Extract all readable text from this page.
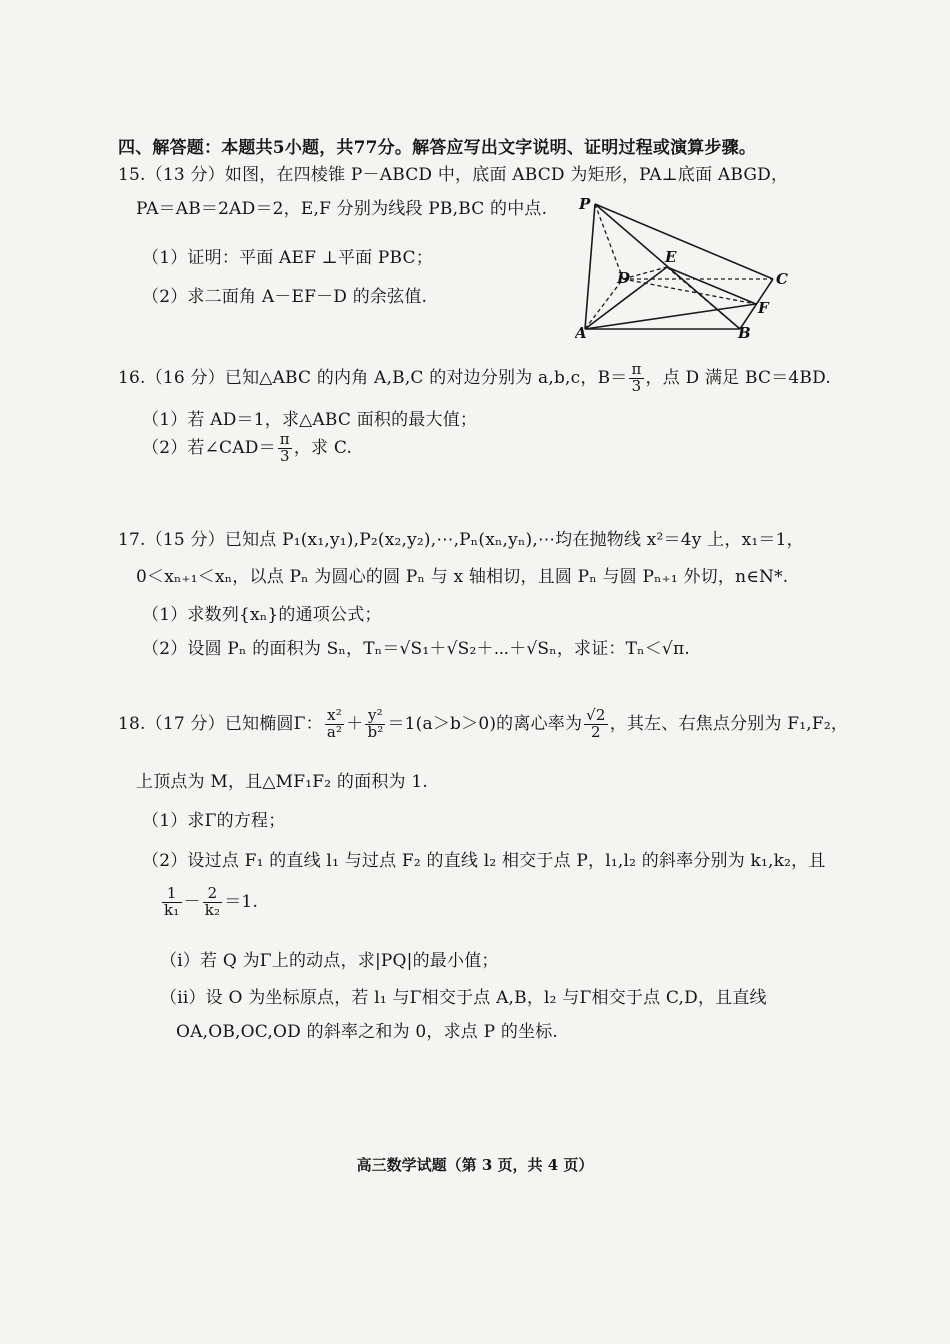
四、解答题：本题共5小题，共77分。解答应写出文字说明、证明过程或演算步骤。
15.（13 分）如图，在四棱锥 P－ABCD 中，底面 ABCD 为矩形，PA⊥底面 ABGD，
PA＝AB＝2AD＝2，E,F 分别为线段 PB,BC 的中点.
（1）证明：平面 AEF ⊥平面 PBC；
（2）求二面角 A－EF－D 的余弦值.
P
E
D	C
F
A	B
16.（16 分）已知△ABC 的内角 A,B,C 的对边分别为 a,b,c，$B= \frac{\pi}{3}$ ，点 D 满足 BC＝4BD.
（1）若 AD＝1，求△ABC 面积的最大值；
（2）若∠CAD＝ $\frac{\pi}{3}$ ，求 C.
17.（15 分）已知点 P₁(x₁,y₁),P₂(x₂,y₂),⋯,Pₙ(xₙ,yₙ),⋯均在抛物线 x²＝4y 上，x₁＝1，
0＜xₙ₊₁＜xₙ，以点 Pₙ 为圆心的圆 Pₙ 与 x 轴相切，且圆 Pₙ 与圆 Pₙ₊₁ 外切，n∈N*.
（1）求数列{xₙ}的通项公式；
（2）设圆 Pₙ 的面积为 Sₙ，Tₙ＝√S₁＋√S₂＋⋯＋√Sₙ，求证：Tₙ＜√π.
18.（17 分）已知椭圆Γ： $\frac{\text{x²}}{\text{a²}} + \frac{\text{y²}}{\text{b²}} =1(a>b>0)$的离心率为 $\frac{√2}{2}$ ，其左、右焦点分别为 F₁,F₂，
上顶点为 M，且△MF₁F₂ 的面积为 1.
（1）求Γ的方程；
（2）设过点 F₁ 的直线 l₁ 与过点 F₂ 的直线 l₂ 相交于点 P，l₁,l₂ 的斜率分别为 k₁,k₂，且
$\frac{1}{\text{k₁}} - \frac{2}{\text{k₂}} =1$.
（i）若 Q 为Γ上的动点，求|PQ|的最小值；
（ii）设 O 为坐标原点，若 l₁ 与Γ相交于点 A,B，l₂ 与Γ相交于点 C,D，且直线
OA,OB,OC,OD 的斜率之和为 0，求点 P 的坐标.
高三数学试题（第 3 页，共 4 页）
